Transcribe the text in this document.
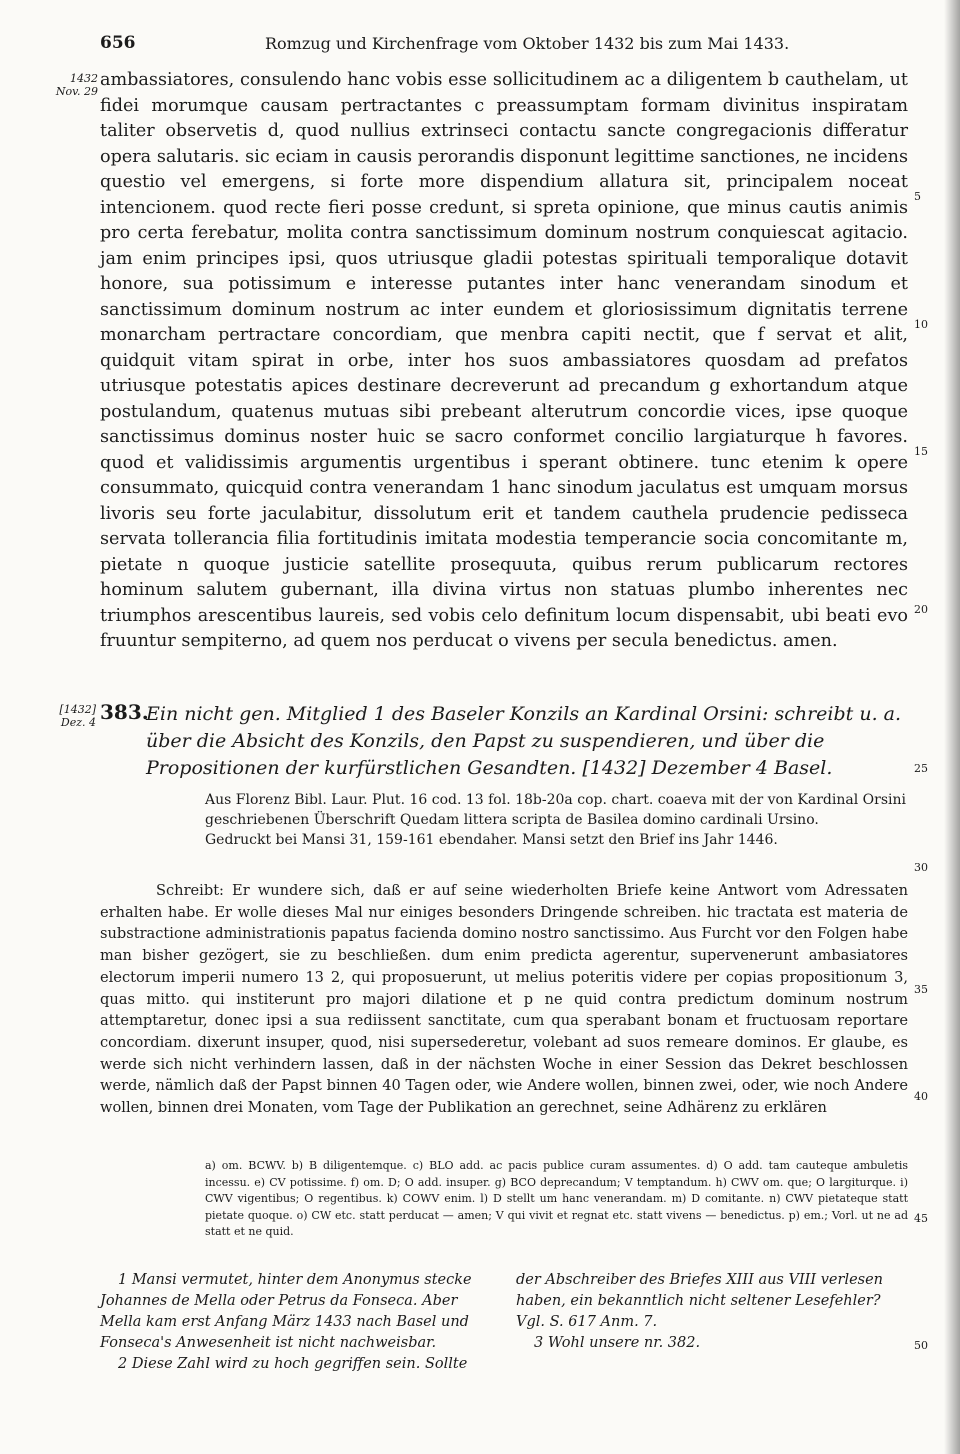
656	Romzug und Kirchenfrage vom Oktober 1432 bis zum Mai 1433.
1432 Nov. 29
[1432] Dez. 4
5
10
15
20
25
30
35
40
45
50

ambassiatores, consulendo hanc vobis esse sollicitudinem ac a diligentem b cauthelam, ut fidei morumque causam pertractantes c preassumptam formam divinitus inspiratam taliter observetis d, quod nullius extrinseci contactu sancte congregacionis differatur opera salutaris. sic eciam in causis perorandis disponunt legittime sanctiones, ne incidens questio vel emergens, si forte more dispendium allatura sit, principalem noceat intencionem. quod recte fieri posse credunt, si spreta opinione, que minus cautis animis pro certa ferebatur, molita contra sanctissimum dominum nostrum conquiescat agitacio. jam enim principes ipsi, quos utriusque gladii potestas spirituali temporalique dotavit honore, sua potissimum e interesse putantes inter hanc venerandam sinodum et sanctissimum dominum nostrum ac inter eundem et gloriosissimum dignitatis terrene monarcham pertractare concordiam, que menbra capiti nectit, que f servat et alit, quidquit vitam spirat in orbe, inter hos suos ambassiatores quosdam ad prefatos utriusque potestatis apices destinare decreverunt ad precandum g exhortandum atque postulandum, quatenus mutuas sibi prebeant alterutrum concordie vices, ipse quoque sanctissimus dominus noster huic se sacro conformet concilio largiaturque h favores. quod et validissimis argumentis urgentibus i sperant obtinere. tunc etenim k opere consummato, quicquid contra venerandam 1 hanc sinodum jaculatus est umquam morsus livoris seu forte jaculabitur, dissolutum erit et tandem cauthela prudencie pedisseca servata tollerancia filia fortitudinis imitata modestia temperancie socia concomitante m, pietate n quoque justicie satellite prosequuta, quibus rerum publicarum rectores hominum salutem gubernant, illa divina virtus non statuas plumbo inherentes nec triumphos arescentibus laureis, sed vobis celo definitum locum dispensabit, ubi beati evo fruuntur sempiterno, ad quem nos perducat o vivens per secula benedictus. amen.

383.
Ein nicht gen. Mitglied 1 des Baseler Konzils an Kardinal Orsini: schreibt u. a. über die Absicht des Konzils, den Papst zu suspendieren, und über die Propositionen der kurfürstlichen Gesandten. [1432] Dezember 4 Basel.

Aus Florenz Bibl. Laur. Plut. 16 cod. 13 fol. 18b-20a cop. chart. coaeva mit der von Kardinal Orsini geschriebenen Überschrift Quedam littera scripta de Basilea domino cardinali Ursino.

Gedruckt bei Mansi 31, 159-161 ebendaher. Mansi setzt den Brief ins Jahr 1446.

Schreibt: Er wundere sich, daß er auf seine wiederholten Briefe keine Antwort vom Adressaten erhalten habe. Er wolle dieses Mal nur einiges besonders Dringende schreiben. hic tractata est materia de substractione administrationis papatus facienda domino nostro sanctissimo. Aus Furcht vor den Folgen habe man bisher gezögert, sie zu beschließen. dum enim predicta agerentur, supervenerunt ambasiatores electorum imperii numero 13 2, qui proposuerunt, ut melius poteritis videre per copias propositionum 3, quas mitto. qui institerunt pro majori dilatione et p ne quid contra predictum dominum nostrum attemptaretur, donec ipsi a sua rediissent sanctitate, cum qua sperabant bonam et fructuosam reportare concordiam. dixerunt insuper, quod, nisi supersederetur, volebant ad suos remeare dominos. Er glaube, es werde sich nicht verhindern lassen, daß in der nächsten Woche in einer Session das Dekret beschlossen werde, nämlich daß der Papst binnen 40 Tagen oder, wie Andere wollen, binnen zwei, oder, wie noch Andere wollen, binnen drei Monaten, vom Tage der Publikation an gerechnet, seine Adhärenz zu erklären

a) om. BCWV. b) B diligentemque. c) BLO add. ac pacis publice curam assumentes. d) O add. tam cauteque ambuletis incessu. e) CV potissime. f) om. D; O add. insuper. g) BCO deprecandum; V temptandum. h) CWV om. que; O largiturque. i) CWV vigentibus; O regentibus. k) COWV enim. l) D stellt um hanc venerandam. m) D comitante. n) CWV pietateque statt pietate quoque. o) CW etc. statt perducat — amen; V qui vivit et regnat etc. statt vivens — benedictus. p) em.; Vorl. ut ne ad statt et ne quid.

1 Mansi vermutet, hinter dem Anonymus stecke Johannes de Mella oder Petrus da Fonseca. Aber Mella kam erst Anfang März 1433 nach Basel und Fonseca's Anwesenheit ist nicht nachweisbar.

2 Diese Zahl wird zu hoch gegriffen sein. Sollte

der Abschreiber des Briefes XIII aus VIII verlesen haben, ein bekanntlich nicht seltener Lesefehler? Vgl. S. 617 Anm. 7.

3 Wohl unsere nr. 382.
